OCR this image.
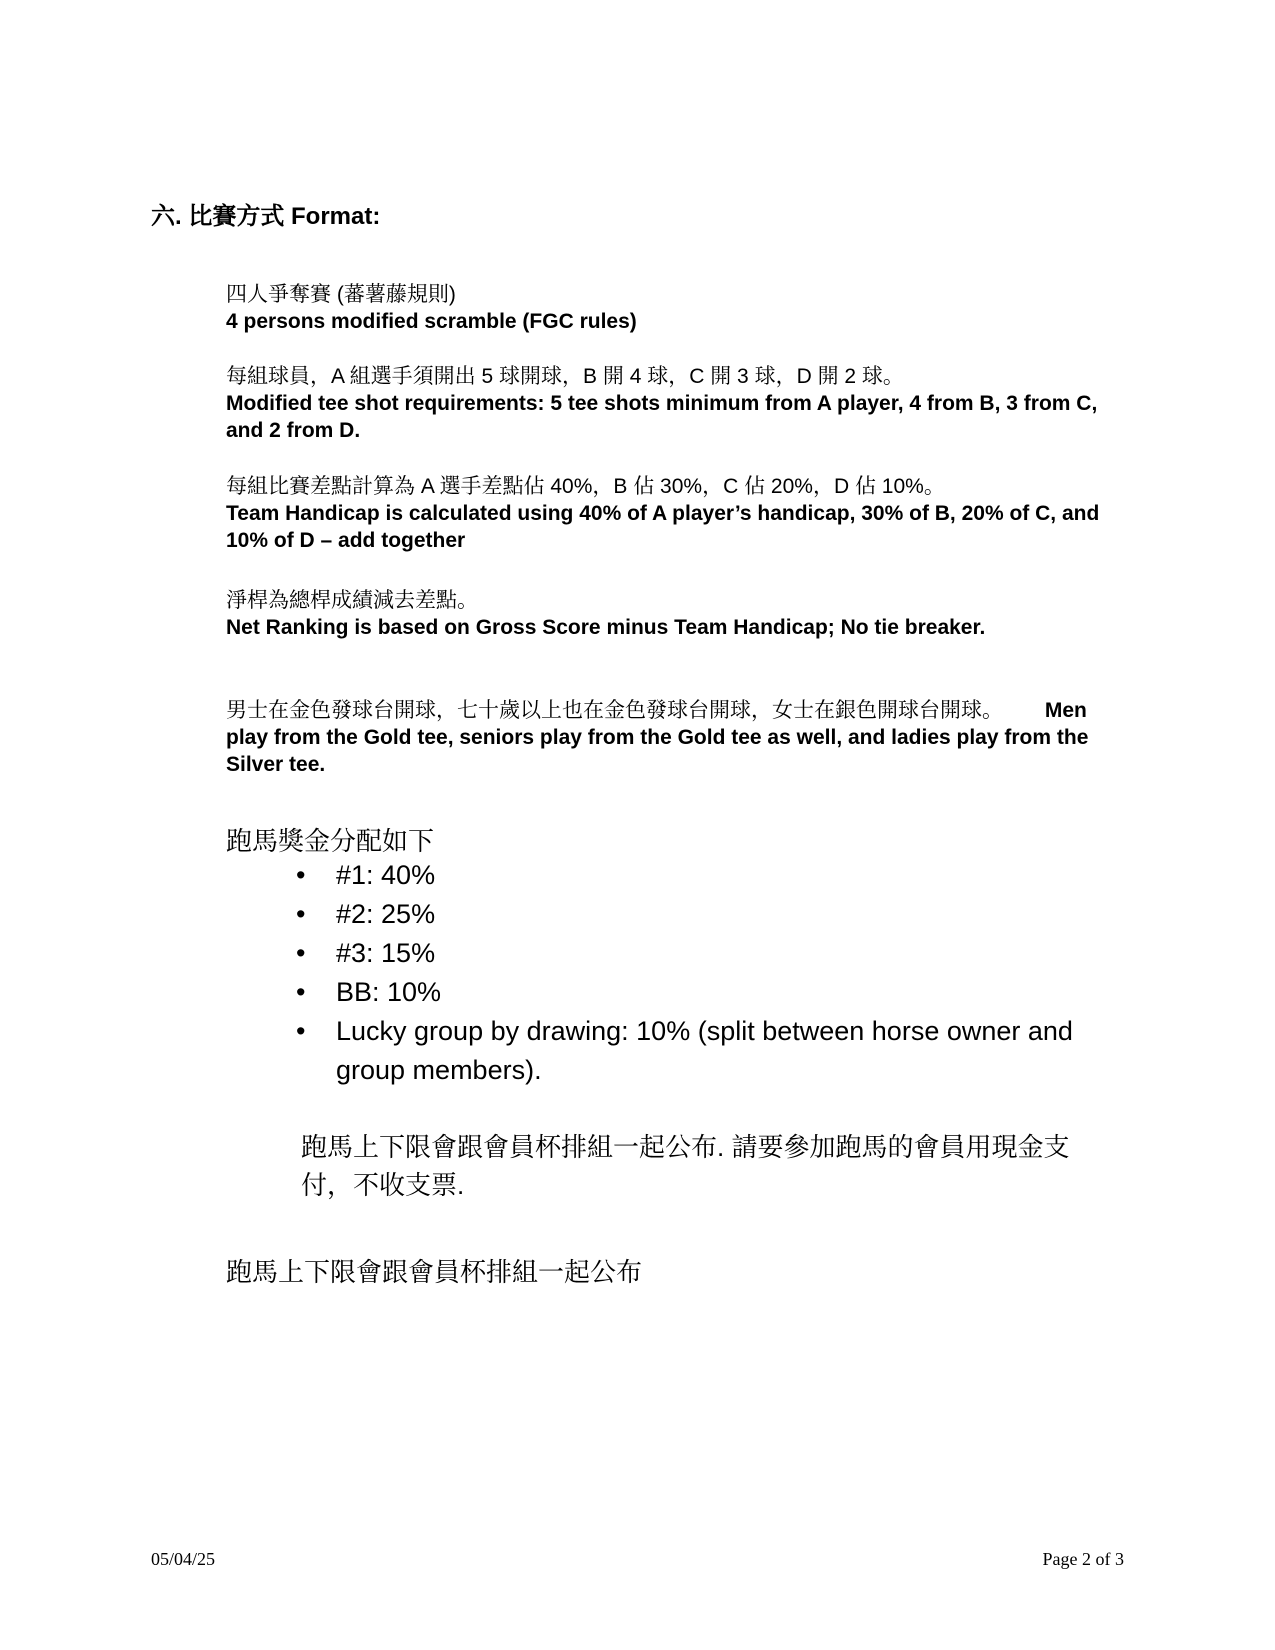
六. 比賽方式 Format:
四人爭奪賽 (蕃薯藤規則)
4 persons modified scramble (FGC rules)
每組球員，A 組選手須開出 5 球開球，B 開 4 球，C 開 3 球，D 開 2 球。
Modified tee shot requirements: 5 tee shots minimum from A player, 4 from B, 3 from C, and 2 from D.
每組比賽差點計算為 A 選手差點佔 40%，B 佔 30%，C 佔 20%，D 佔 10%。
Team Handicap is calculated using 40% of A player’s handicap, 30% of B, 20% of C, and 10% of D – add together
淨桿為總桿成績減去差點。
Net Ranking is based on Gross Score minus Team Handicap; No tie breaker.
男士在金色發球台開球，七十歲以上也在金色發球台開球，女士在銀色開球台開球。 Men play from the Gold tee, seniors play from the Gold tee as well, and ladies play from the Silver tee.
跑馬獎金分配如下
• #1: 40%
• #2: 25%
• #3: 15%
• BB: 10%
• Lucky group by drawing: 10% (split between horse owner and group members).
跑馬上下限會跟會員杯排組一起公布. 請要參加跑馬的會員用現金支付，不收支票.
跑馬上下限會跟會員杯排組一起公布
05/04/25	Page 2 of 3
